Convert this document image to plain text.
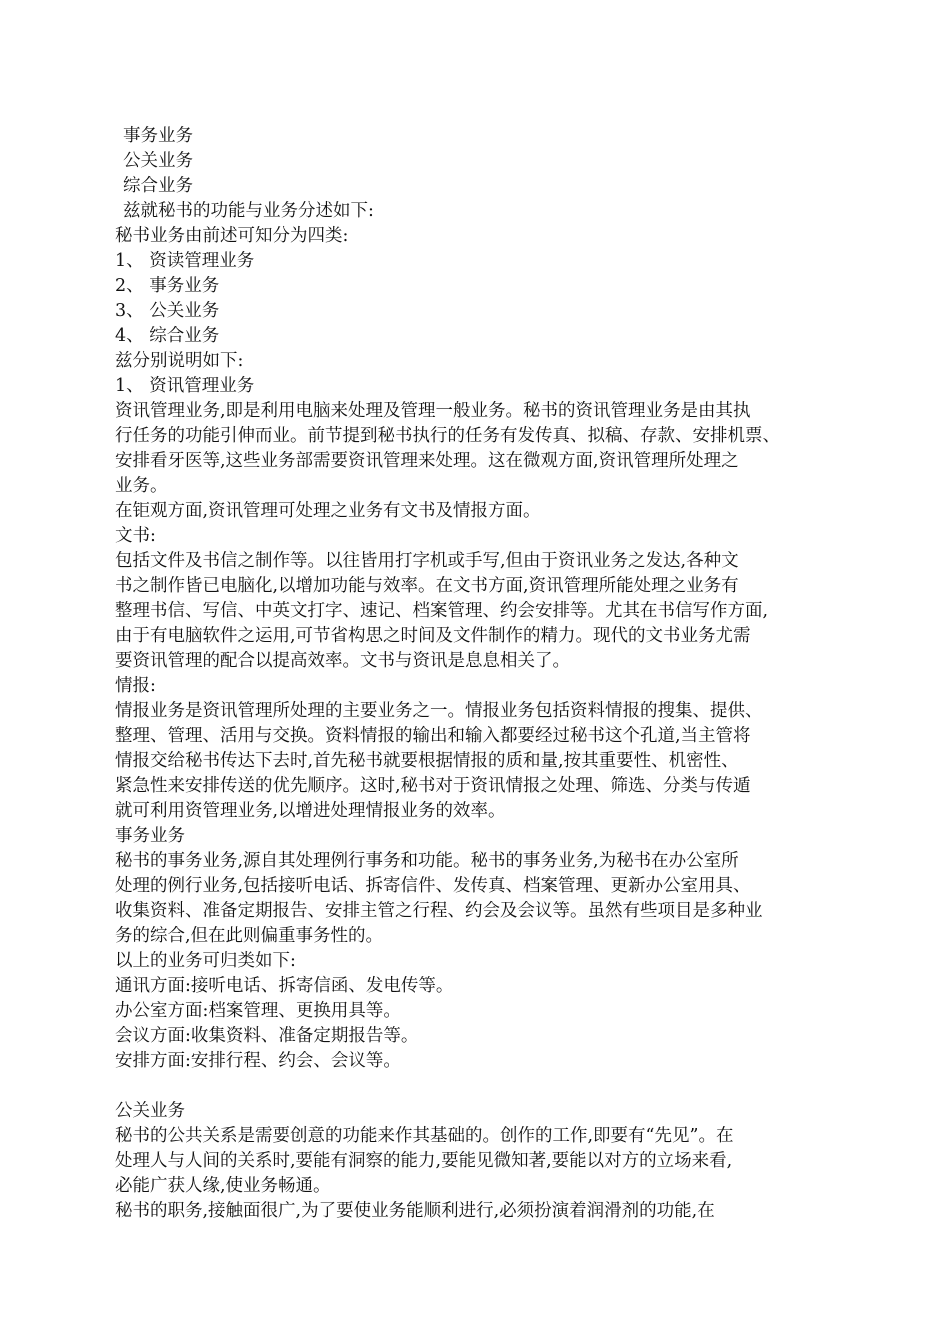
事务业务

公关业务

综合业务

兹就秘书的功能与业务分述如下:

秘书业务由前述可知分为四类:

1、 资读管理业务

2、 事务业务

3、 公关业务

4、 综合业务

兹分别说明如下:

1、 资讯管理业务

资讯管理业务,即是利用电脑来处理及管理一般业务。秘书的资讯管理业务是由其执

行任务的功能引伸而业。前节提到秘书执行的任务有发传真、拟稿、存款、安排机票、

安排看牙医等,这些业务部需要资讯管理来处理。这在微观方面,资讯管理所处理之

业务。

在钜观方面,资讯管理可处理之业务有文书及情报方面。

文书:

包括文件及书信之制作等。以往皆用打字机或手写,但由于资讯业务之发达,各种文

书之制作皆已电脑化,以增加功能与效率。在文书方面,资讯管理所能处理之业务有

整理书信、写信、中英文打字、速记、档案管理、约会安排等。尤其在书信写作方面,

由于有电脑软件之运用,可节省构思之时间及文件制作的精力。现代的文书业务尤需

要资讯管理的配合以提高效率。文书与资讯是息息相关了。

情报:

情报业务是资讯管理所处理的主要业务之一。情报业务包括资料情报的搜集、提供、

整理、管理、活用与交换。资料情报的输出和输入都要经过秘书这个孔道,当主管将

情报交给秘书传达下去时,首先秘书就要根据情报的质和量,按其重要性、机密性、

紧急性来安排传送的优先顺序。这时,秘书对于资讯情报之处理、筛选、分类与传遁

就可利用资管理业务,以增进处理情报业务的效率。

事务业务

秘书的事务业务,源自其处理例行事务和功能。秘书的事务业务,为秘书在办公室所

处理的例行业务,包括接听电话、拆寄信件、发传真、档案管理、更新办公室用具、

收集资料、准备定期报告、安排主管之行程、约会及会议等。虽然有些项目是多种业

务的综合,但在此则偏重事务性的。

以上的业务可归类如下:

通讯方面:接听电话、拆寄信函、发电传等。

办公室方面:档案管理、更换用具等。

会议方面:收集资料、准备定期报告等。

安排方面:安排行程、约会、会议等。

公关业务

秘书的公共关系是需要创意的功能来作其基础的。创作的工作,即要有“先见”。在

处理人与人间的关系时,要能有洞察的能力,要能见微知著,要能以对方的立场来看,

必能广获人缘,使业务畅通。

秘书的职务,接触面很广,为了要使业务能顺利进行,必须扮演着润滑剂的功能,在
